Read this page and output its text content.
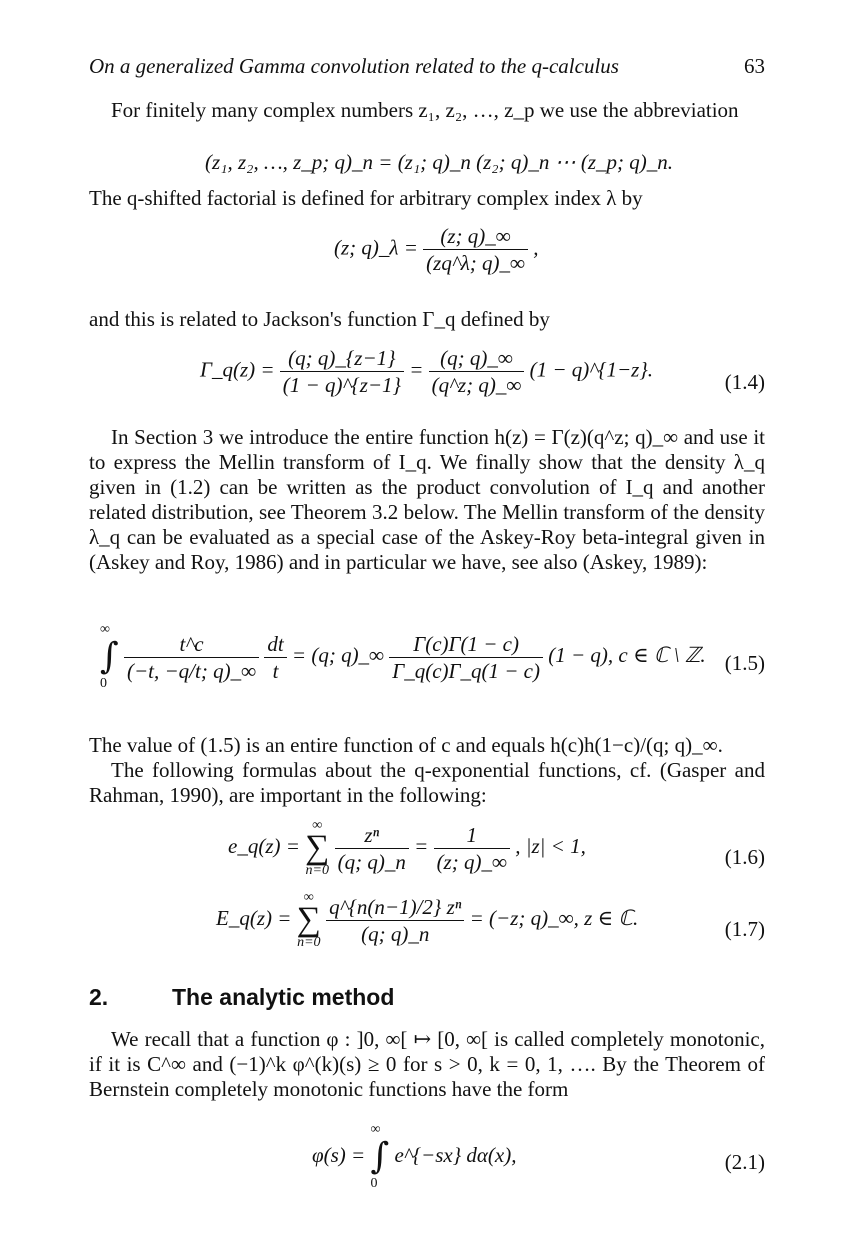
On a generalized Gamma convolution related to the q-calculus	63
For finitely many complex numbers z₁, z₂, …, z_p we use the abbreviation
(z₁, z₂, …, z_p; q)_n = (z₁; q)_n (z₂; q)_n ⋯ (z_p; q)_n.
The q-shifted factorial is defined for arbitrary complex index λ by
(z; q)_λ = $\frac{(z; q)\_\infty}{(zq\^{}\lambda; q)\_\infty}$ ,
and this is related to Jackson's function Γ_q defined by
Γ_q(z) = $\frac{(q; q)\_\{z-1\}}{(1 - q)\^{}\{z-1\}} = \frac{(q; q)\_\infty}{(q\^{}z; q)\_\infty} (1$ − q)^{1−z}.
(1.4)
In Section 3 we introduce the entire function h(z) = Γ(z)(q^z; q)_∞ and use it to express the Mellin transform of I_q. We finally show that the density λ_q given in (1.2) can be written as the product convolution of I_q and another related distribution, see Theorem 3.2 below. The Mellin transform of the density λ_q can be evaluated as a special case of the Askey-Roy beta-integral given in (Askey and Roy, 1986) and in particular we have, see also (Askey, 1989):
∞
∫
0

$\frac{t\^{}c}{(-t, -q/t; q)\_\infty}$
$\frac{dt}{t} = (q$; q)_∞ $\frac{\Gamma(c)\Gamma(1 - c)}{\Gamma\_q(c)\Gamma\_q(1 - c)} (1 - q)$, c ∈ ℂ \ ℤ. (1.5)
The value of (1.5) is an entire function of c and equals h(c)h(1−c)/(q; q)_∞.
The following formulas about the q-exponential functions, cf. (Gasper and Rahman, 1990), are important in the following:
e_q(z) =
∞
∑
n=0
$\frac{\text{zⁿ}}{(q; q)\_n} = \frac{1}{(z; q)\_\infty}$ , |z| < 1,	(1.6)
E_q(z) =
∞
∑
n=0
$\frac{\text{q\textasciicircum{}\{n(n−1)/2\} zⁿ}}{(q; q)\_n} = (-z$; q)_∞, z ∈ ℂ.	(1.7)
2.	The analytic method
We recall that a function φ : ]0, ∞[ ↦ [0, ∞[ is called completely monotonic, if it is C^∞ and (−1)^k φ^(k)(s) ≥ 0 for s > 0, k = 0, 1, …. By the Theorem of Bernstein completely monotonic functions have the form
φ(s) =
∞
∫
0
e^{−sx} dα(x),	(2.1)
